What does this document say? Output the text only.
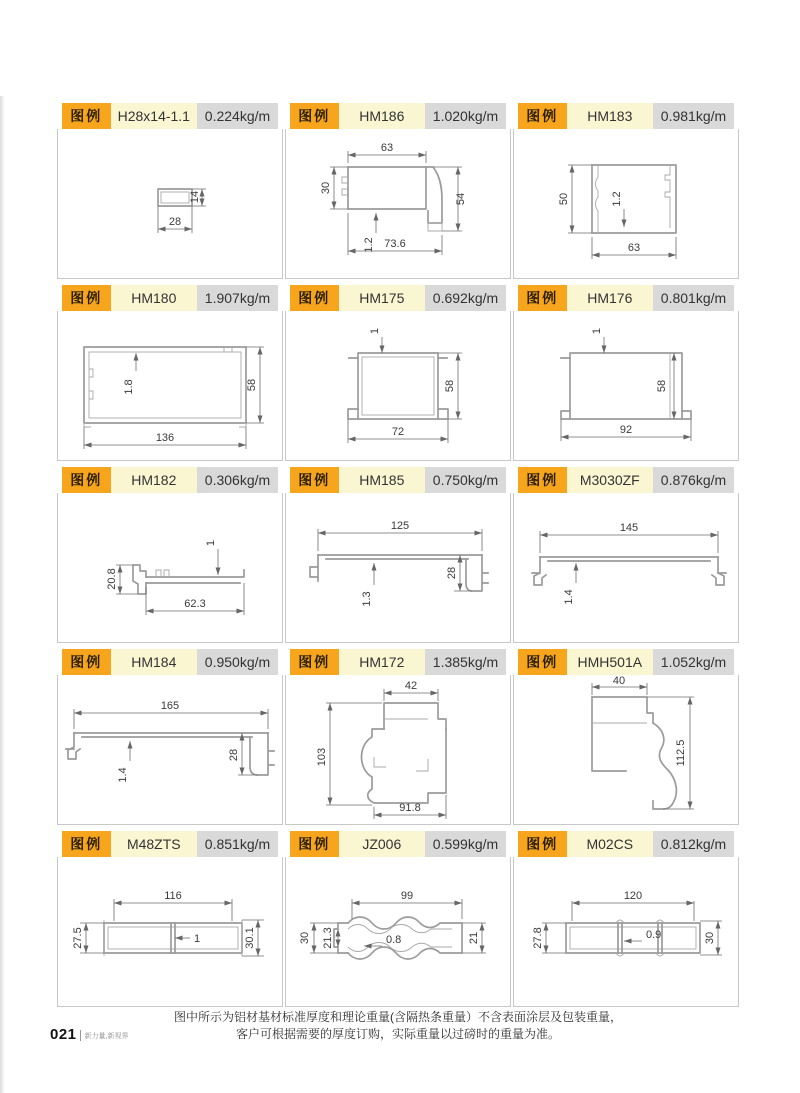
图例	H28x14-1.1	0.224kg/m
14
28
图例	HM186	1.020kg/m
63
30
1.2
54
73.6
图例	HM183	0.981kg/m
50	1.2
63
图例	HM180	1.907kg/m
1.8	58
136
图例	HM175	0.692kg/m
1
58
72
图例	HM176	0.801kg/m
1
58
92
图例	HM182	0.306kg/m
20.8
1
62.3
图例	HM185	0.750kg/m
125
1.3
28
图例	M3030ZF	0.876kg/m
145
1.4
图例	HM184	0.950kg/m
165
1.4
28
图例	HM172	1.385kg/m
42
103
91.8
图例	HMH501A	1.052kg/m
40
112.5
图例	M48ZTS	0.851kg/m
116
27.5	1	30.1
图例	JZ006	0.599kg/m
99
30 21.3	0.8	21
图例	M02CS	0.812kg/m
120
27.8	0.9	30
图中所示为铝材基材标准厚度和理论重量(含隔热条重量）不含表面涂层及包装重量，
客户可根据需要的厚度订购，实际重量以过磅时的重量为准。
021 新力量,新视界
